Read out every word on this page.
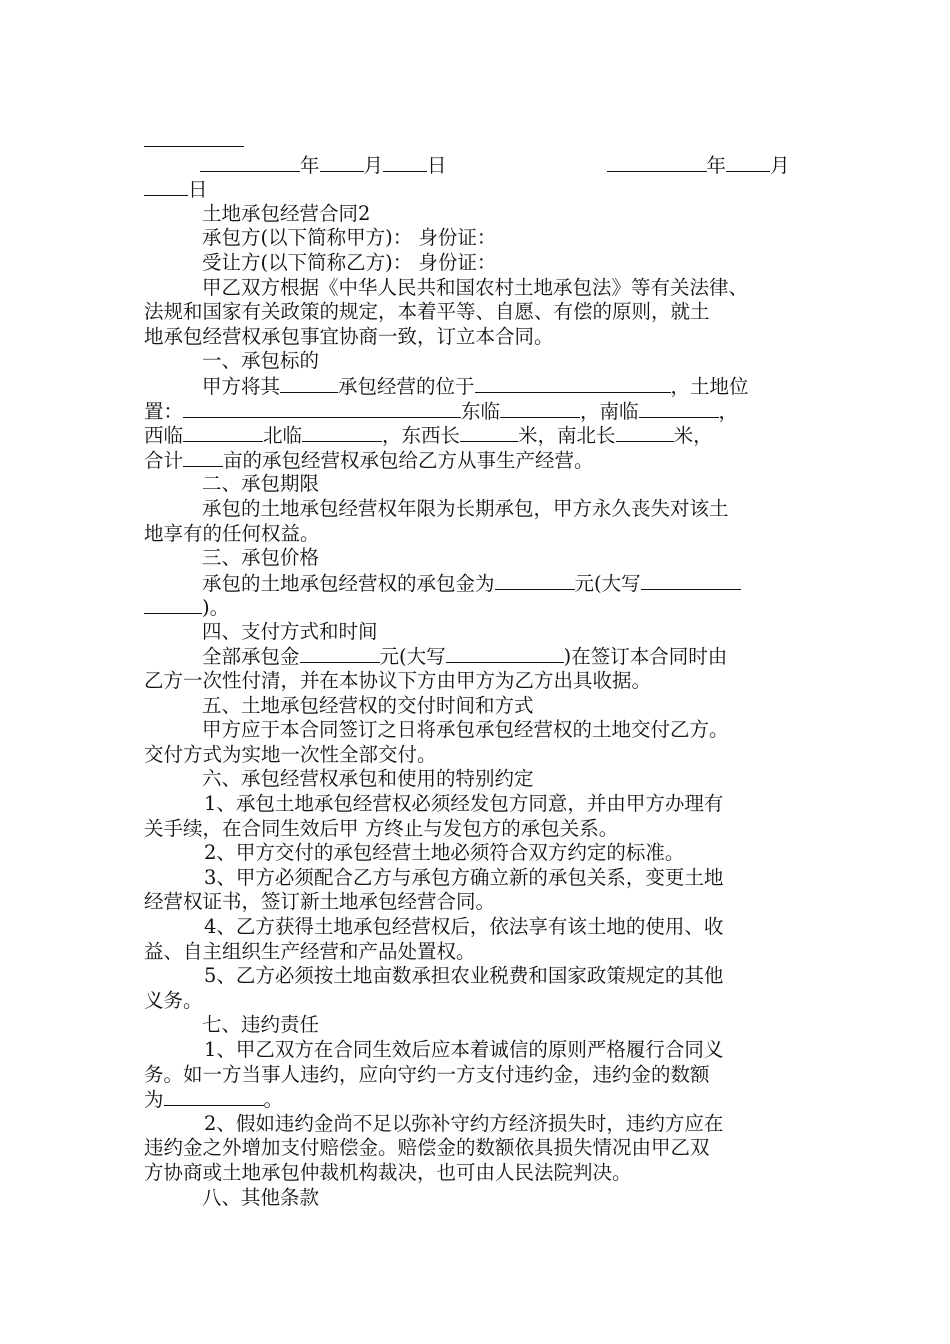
年 月 日	年 月
日
土地承包经营合同2
承包方(以下简称甲方)： 身份证：
受让方(以下简称乙方)： 身份证：
甲乙双方根据《中华人民共和国农村土地承包法》等有关法律、
法规和国家有关政策的规定，本着平等、自愿、有偿的原则，就土
地承包经营权承包事宜协商一致，订立本合同。
一、承包标的
甲方将其	承包经营的位于	，土地位
置：	东临	，南临	，
西临	北临	，东西长	米，南北长	米，
合计 亩的承包经营权承包给乙方从事生产经营。
二、承包期限
承包的土地承包经营权年限为长期承包，甲方永久丧失对该土
地享有的任何权益。
三、承包价格
承包的土地承包经营权的承包金为	元(大写
)。
四、支付方式和时间
全部承包金	元(大写	)在签订本合同时由
乙方一次性付清，并在本协议下方由甲方为乙方出具收据。
五、土地承包经营权的交付时间和方式
甲方应于本合同签订之日将承包承包经营权的土地交付乙方。
交付方式为实地一次性全部交付。
六、承包经营权承包和使用的特别约定
1、承包土地承包经营权必须经发包方同意，并由甲方办理有
关手续，在合同生效后甲 方终止与发包方的承包关系。
2、甲方交付的承包经营土地必须符合双方约定的标准。
3、甲方必须配合乙方与承包方确立新的承包关系，变更土地
经营权证书，签订新土地承包经营合同。
4、乙方获得土地承包经营权后，依法享有该土地的使用、收
益、自主组织生产经营和产品处置权。
5、乙方必须按土地亩数承担农业税费和国家政策规定的其他
义务。
七、违约责任
1、甲乙双方在合同生效后应本着诚信的原则严格履行合同义
务。如一方当事人违约，应向守约一方支付违约金，违约金的数额
为	。
2、假如违约金尚不足以弥补守约方经济损失时，违约方应在
违约金之外增加支付赔偿金。赔偿金的数额依具损失情况由甲乙双
方协商或土地承包仲裁机构裁决，也可由人民法院判决。
八、其他条款
